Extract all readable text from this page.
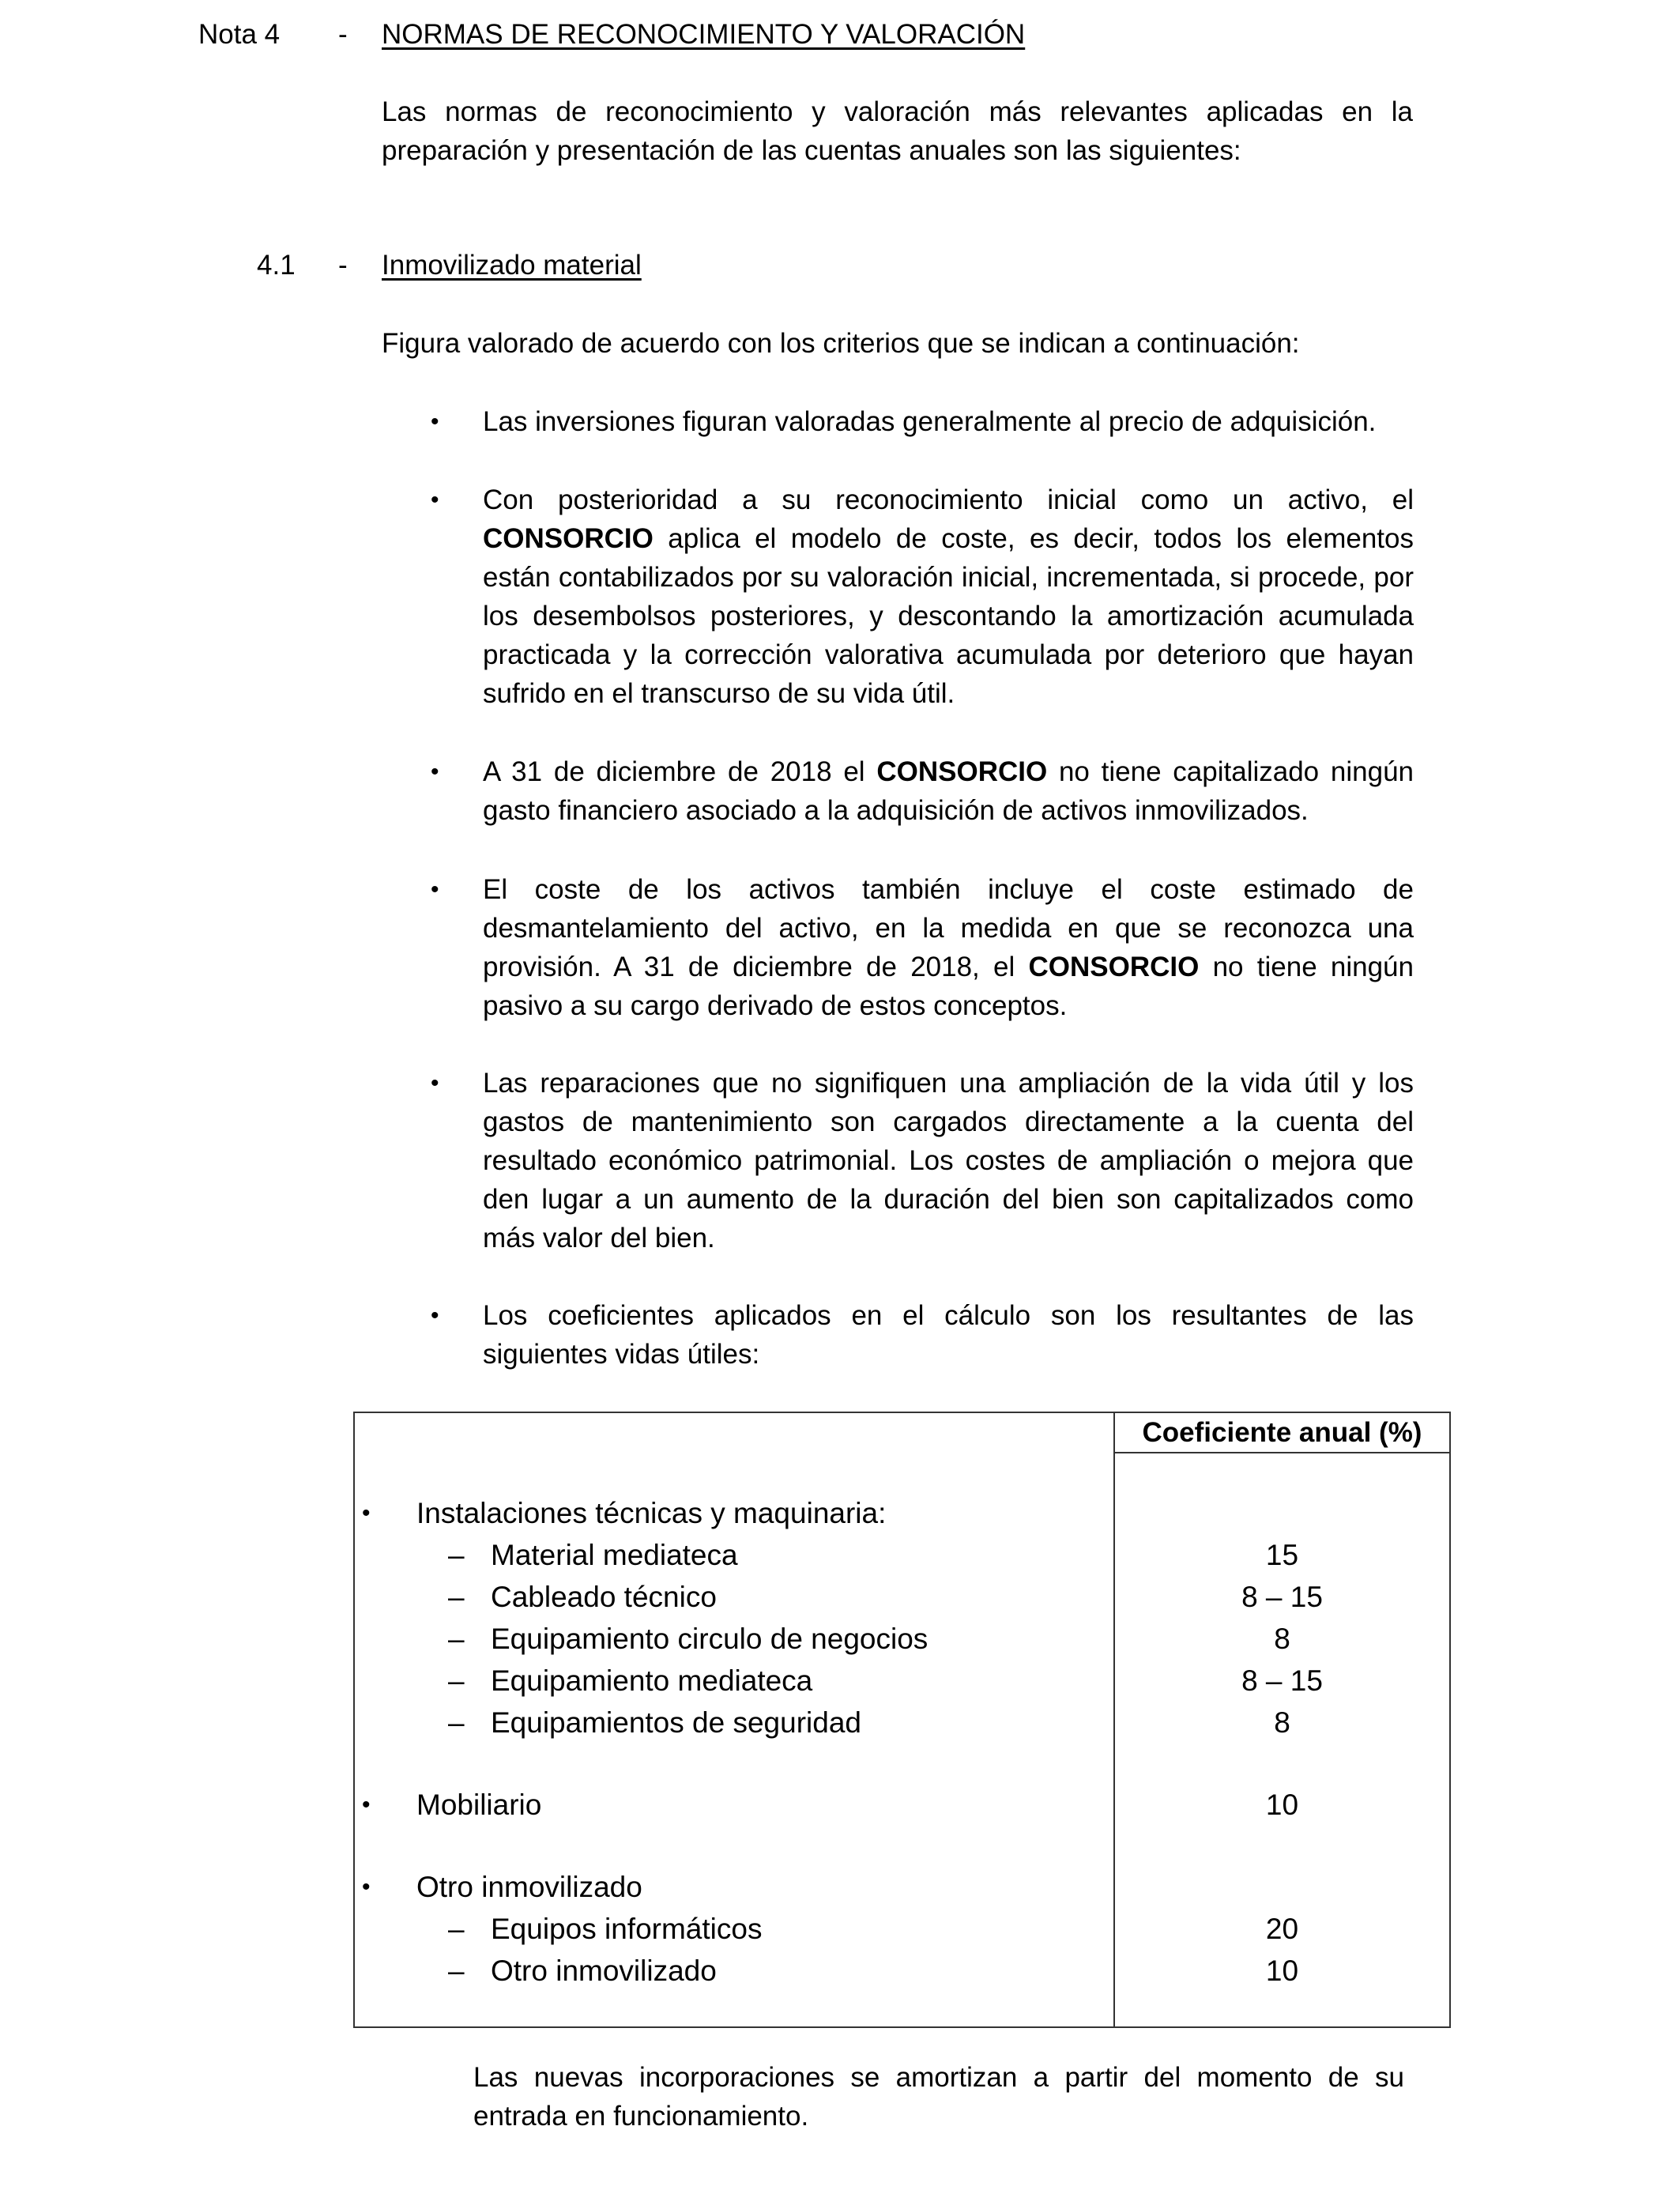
Nota 4 - NORMAS DE RECONOCIMIENTO Y VALORACIÓN
Las normas de reconocimiento y valoración más relevantes aplicadas en la preparación y presentación de las cuentas anuales son las siguientes:
4.1 - Inmovilizado material
Figura valorado de acuerdo con los criterios que se indican a continuación:
• Las inversiones figuran valoradas generalmente al precio de adquisición.
• Con posterioridad a su reconocimiento inicial como un activo, el CONSORCIO aplica el modelo de coste, es decir, todos los elementos están contabilizados por su valoración inicial, incrementada, si procede, por los desembolsos posteriores, y descontando la amortización acumulada practicada y la corrección valorativa acumulada por deterioro que hayan sufrido en el transcurso de su vida útil.
• A 31 de diciembre de 2018 el CONSORCIO no tiene capitalizado ningún gasto financiero asociado a la adquisición de activos inmovilizados.
• El coste de los activos también incluye el coste estimado de desmantelamiento del activo, en la medida en que se reconozca una provisión. A 31 de diciembre de 2018, el CONSORCIO no tiene ningún pasivo a su cargo derivado de estos conceptos.
• Las reparaciones que no signifiquen una ampliación de la vida útil y los gastos de mantenimiento son cargados directamente a la cuenta del resultado económico patrimonial. Los costes de ampliación o mejora que den lugar a un aumento de la duración del bien son capitalizados como más valor del bien.
• Los coeficientes aplicados en el cálculo son los resultantes de las siguientes vidas útiles:
Coeficiente anual (%)
• Instalaciones técnicas y maquinaria:
– Material mediateca	15
– Cableado técnico	8 – 15
– Equipamiento circulo de negocios	8
– Equipamiento mediateca	8 – 15
– Equipamientos de seguridad	8
• Mobiliario	10
• Otro inmovilizado
– Equipos informáticos	20
– Otro inmovilizado	10
Las nuevas incorporaciones se amortizan a partir del momento de su entrada en funcionamiento.
